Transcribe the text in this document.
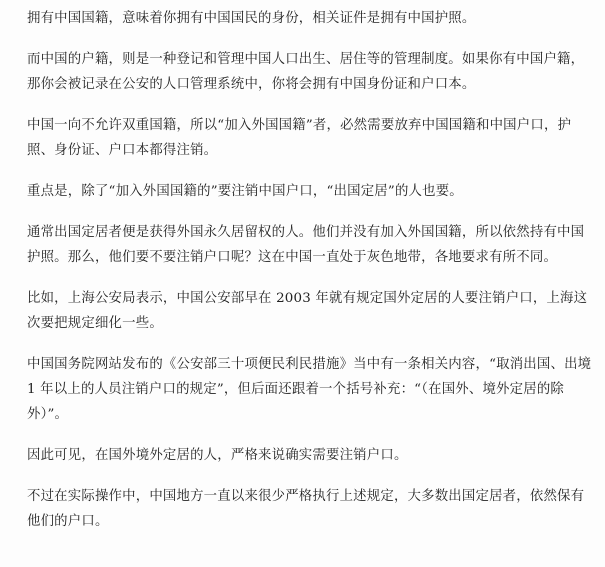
拥有中国国籍，意味着你拥有中国国民的身份，相关证件是拥有中国护照。

而中国的户籍，则是一种登记和管理中国人口出生、居住等的管理制度。如果你有中国户籍，那你会被记录在公安的人口管理系统中，你将会拥有中国身份证和户口本。

中国一向不允许双重国籍，所以“加入外国国籍”者，必然需要放弃中国国籍和中国户口，护照、身份证、户口本都得注销。

重点是，除了“加入外国国籍的”要注销中国户口，“出国定居”的人也要。

通常出国定居者便是获得外国永久居留权的人。他们并没有加入外国国籍，所以依然持有中国护照。那么，他们要不要注销户口呢？这在中国一直处于灰色地带，各地要求有所不同。

比如，上海公安局表示，中国公安部早在 2003 年就有规定国外定居的人要注销户口，上海这次要把规定细化一些。

中国国务院网站发布的《公安部三十项便民利民措施》当中有一条相关内容，“取消出国、出境 1 年以上的人员注销户口的规定”，但后面还跟着一个括号补充：“（在国外、境外定居的除外）”。

因此可见，在国外境外定居的人，严格来说确实需要注销户口。

不过在实际操作中，中国地方一直以来很少严格执行上述规定，大多数出国定居者，依然保有他们的户口。
